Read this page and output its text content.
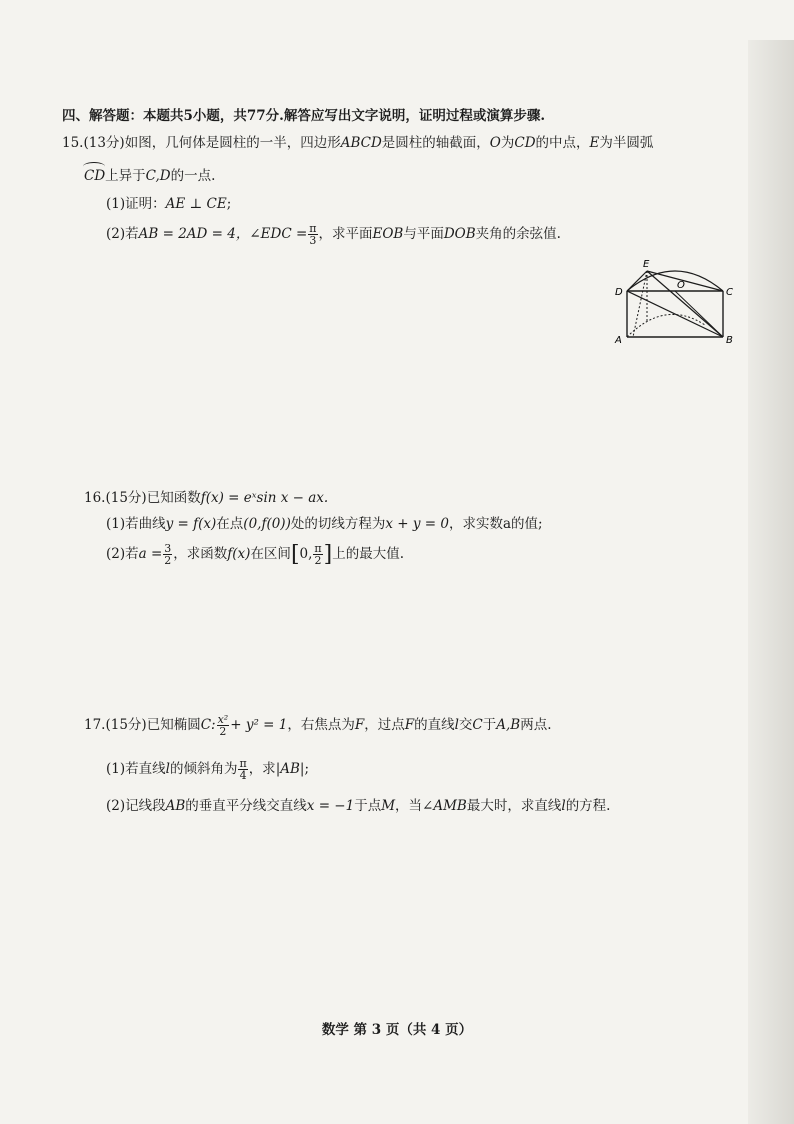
四、解答题：本题共5小题，共77分.解答应写出文字说明，证明过程或演算步骤.
15.(13分)如图，几何体是圆柱的一半，四边形ABCD是圆柱的轴截面，O为CD的中点，E为半圆弧
CD上异于C,D的一点.
(1)证明：AE ⊥ CE;
(2)若AB = 2AD = 4，∠EDC = $\frac{\pi}{3}$ ，求平面EOB与平面DOB夹角的余弦值.
E
O
D	C
A	B
16.(15分)已知函数f(x) = eˣsin x − ax.
(1)若曲线y = f(x)在点(0,f(0))处的切线方程为x + y = 0，求实数a的值;
(2)若$a = \frac{3}{2}$ ，求函数f(x)在区间[0, $\frac{\pi}{2}$ ]上的最大值.
17.(15分)已知椭圆C: $\frac{\text{x²}}{2} + y^2 = 1$，右焦点为F，过点F的直线l交C于A,B两点.
(1)若直线l的倾斜角为 $\frac{\pi}{4}$ ，求|AB|;
(2)记线段AB的垂直平分线交直线x = −1于点M，当∠AMB最大时，求直线l的方程.
数学 第 3 页（共 4 页）
